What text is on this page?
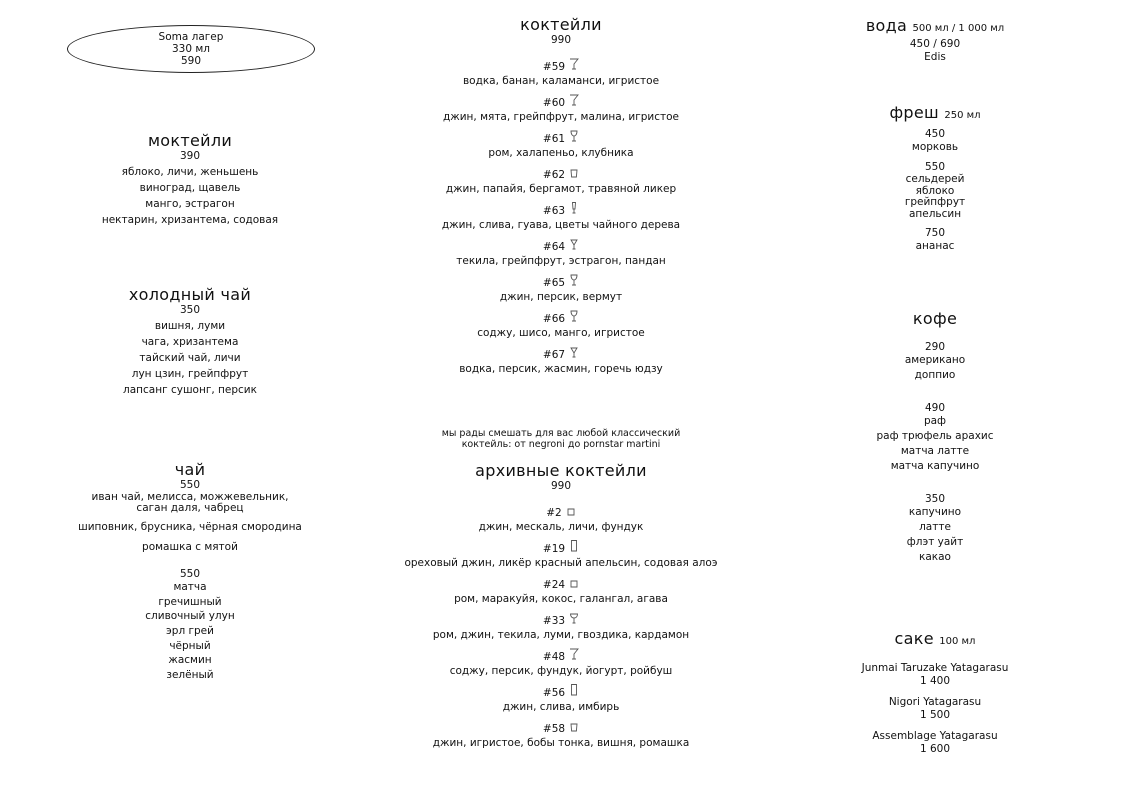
Soma лагер
330 мл
590
моктейли
390
яблоко, личи, женьшень
виноград, щавель
манго, эстрагон
нектарин, хризантема, содовая
холодный чай
350
вишня, луми
чага, хризантема
тайский чай, личи
лун цзин, грейпфрут
лапсанг сушонг, персик
чай
550
иван чай, мелисса, можжевельник,
саган даля, чабрец
шиповник, брусника, чёрная смородина
ромашка с мятой
550
матча
гречишный
сливочный улун
эрл грей
чёрный
жасмин
зелёный
коктейли
990
#59
водка, банан, каламанси, игристое
#60
джин, мята, грейпфрут, малина, игристое
#61
ром, халапеньо, клубника
#62
джин, папайя, бергамот, травяной ликер
#63
джин, слива, гуава, цветы чайного дерева
#64
текила, грейпфрут, эстрагон, пандан
#65
джин, персик, вермут
#66
соджу, шисо, манго, игристое
#67
водка, персик, жасмин, горечь юдзу
мы рады смешать для вас любой классический
коктейль: от negroni до pornstar martini
архивные коктейли
990
#2
джин, мескаль, личи, фундук
#19
ореховый джин, ликёр красный апельсин, содовая алоэ
#24
ром, маракуйя, кокос, галангал, агава
#33
ром, джин, текила, луми, гвоздика, кардамон
#48
соджу, персик, фундук, йогурт, ройбуш
#56
джин, слива, имбирь
#58
джин, игристое, бобы тонка, вишня, ромашка
вода 500 мл / 1 000 мл
450 / 690
Edis
фреш 250 мл
450
морковь
550
сельдерей
яблоко
грейпфрут
апельсин
750
ананас
кофе
290
американо
доппио
490
раф
раф трюфель арахис
матча латте
матча капучино
350
капучино
латте
флэт уайт
какао
саке 100 мл
Junmai Taruzake Yatagarasu
1 400
Nigori Yatagarasu
1 500
Assemblage Yatagarasu
1 600
